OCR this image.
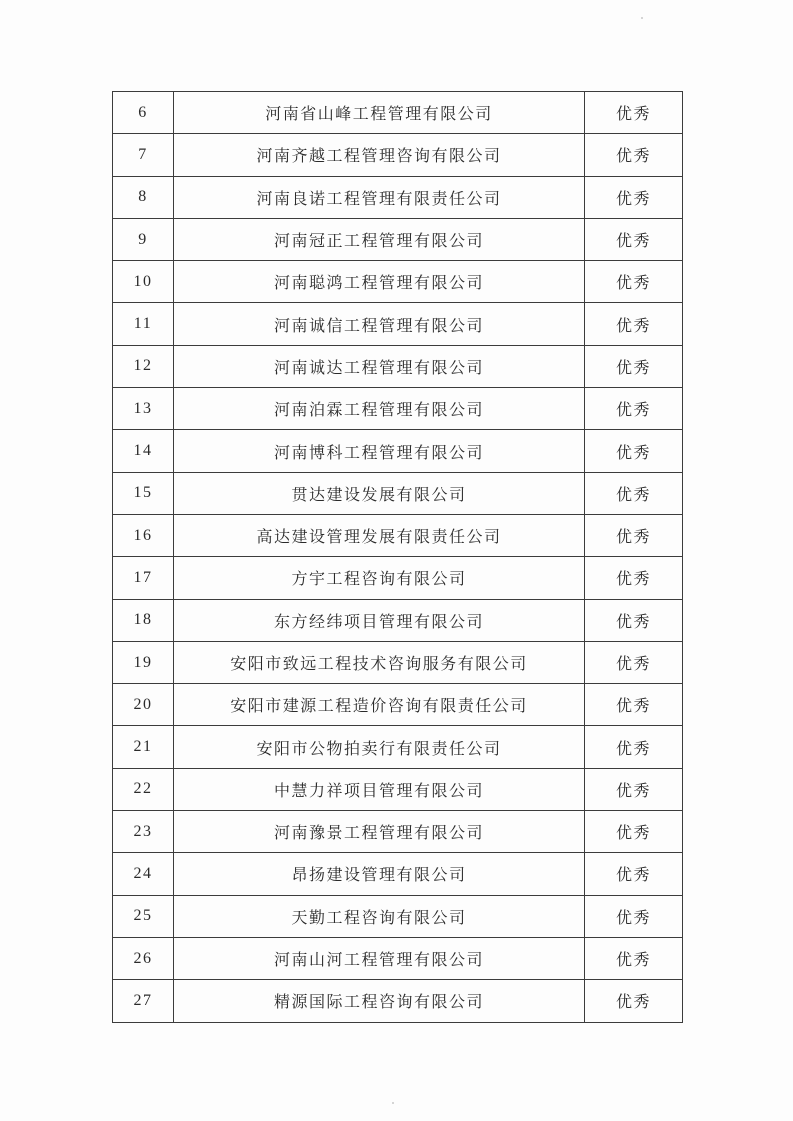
6	河南省山峰工程管理有限公司	优秀
7	河南齐越工程管理咨询有限公司	优秀
8	河南良诺工程管理有限责任公司	优秀
9	河南冠正工程管理有限公司	优秀
10	河南聪鸿工程管理有限公司	优秀
11	河南诚信工程管理有限公司	优秀
12	河南诚达工程管理有限公司	优秀
13	河南泊霖工程管理有限公司	优秀
14	河南博科工程管理有限公司	优秀
15	贯达建设发展有限公司	优秀
16	高达建设管理发展有限责任公司	优秀
17	方宇工程咨询有限公司	优秀
18	东方经纬项目管理有限公司	优秀
19	安阳市致远工程技术咨询服务有限公司	优秀
20	安阳市建源工程造价咨询有限责任公司	优秀
21	安阳市公物拍卖行有限责任公司	优秀
22	中慧力祥项目管理有限公司	优秀
23	河南豫景工程管理有限公司	优秀
24	昂扬建设管理有限公司	优秀
25	天勤工程咨询有限公司	优秀
26	河南山河工程管理有限公司	优秀
27	精源国际工程咨询有限公司	优秀
